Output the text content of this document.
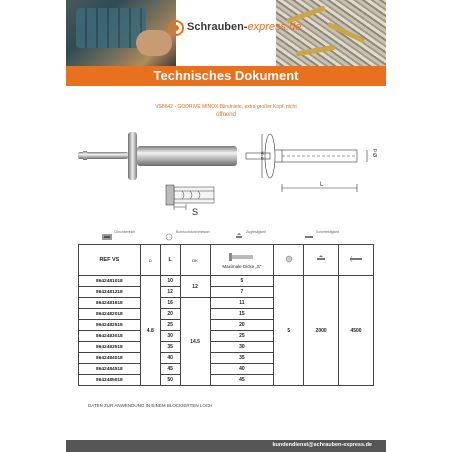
Schrauben-express.de
Technisches Dokument
VS8642 - GODRIVE MINOX Blindniete, extra großer Kopf, nicht
öffnend
Ø dk	Ø d
L
S
Clinchbereich	Bohrlochdurchmesser	Zugfestigkeit	Scherfestigkeit
REF VS	D	L	DK	Maximale Dicke „S“

8642481018	4.8	10	12	5	5	2000	4500
8642481218		12		7			
8642481618		16	14.5	11			
8642482018		20		15			
8642482518		25		20			
8642483018		30		25			
8642483518		35		30			
8642484018		40		35			
8642484518		45		40			
8642485018		50		45			
DATEN ZUR ANWENDUNG IN EINEM BLOCKIERTEN LOCH
kundendienst@schrauben-express.de
